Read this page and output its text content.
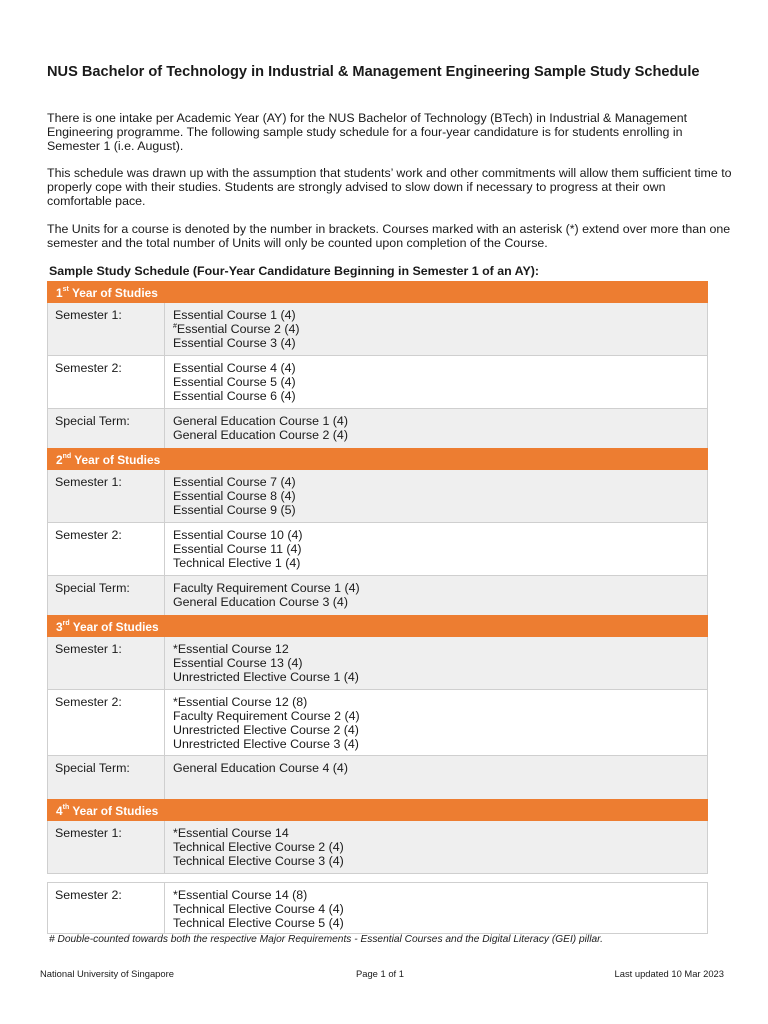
NUS Bachelor of Technology in Industrial & Management Engineering Sample Study Schedule

There is one intake per Academic Year (AY) for the NUS Bachelor of Technology (BTech) in Industrial & Management Engineering programme. The following sample study schedule for a four-year candidature is for students enrolling in Semester 1 (i.e. August).

This schedule was drawn up with the assumption that students’ work and other commitments will allow them sufficient time to properly cope with their studies. Students are strongly advised to slow down if necessary to progress at their own comfortable pace.

The Units for a course is denoted by the number in brackets. Courses marked with an asterisk (*) extend over more than one semester and the total number of Units will only be counted upon completion of the Course.

Sample Study Schedule (Four-Year Candidature Beginning in Semester 1 of an AY):

1st Year of Studies
Semester 1:	Essential Course 1 (4)
#Essential Course 2 (4)
Essential Course 3 (4)
Semester 2:	Essential Course 4 (4)
Essential Course 5 (4)
Essential Course 6 (4)
Special Term:	General Education Course 1 (4)
General Education Course 2 (4)
2nd Year of Studies
Semester 1:	Essential Course 7 (4)
Essential Course 8 (4)
Essential Course 9 (5)
Semester 2:	Essential Course 10 (4)
Essential Course 11 (4)
Technical Elective 1 (4)
Special Term:	Faculty Requirement Course 1 (4)
General Education Course 3 (4)
3rd Year of Studies
Semester 1:	*Essential Course 12
Essential Course 13 (4)
Unrestricted Elective Course 1 (4)
Semester 2:	*Essential Course 12 (8)
Faculty Requirement Course 2 (4)
Unrestricted Elective Course 2 (4)
Unrestricted Elective Course 3 (4)
Special Term:	General Education Course 4 (4)
4th Year of Studies
Semester 1:	*Essential Course 14
Technical Elective Course 2 (4)
Technical Elective Course 3 (4)
Semester 2:	*Essential Course 14 (8)
Technical Elective Course 4 (4)
Technical Elective Course 5 (4)

# Double-counted towards both the respective Major Requirements - Essential Courses and the Digital Literacy (GEI) pillar.

National University of Singapore	Page 1 of 1	Last updated 10 Mar 2023
